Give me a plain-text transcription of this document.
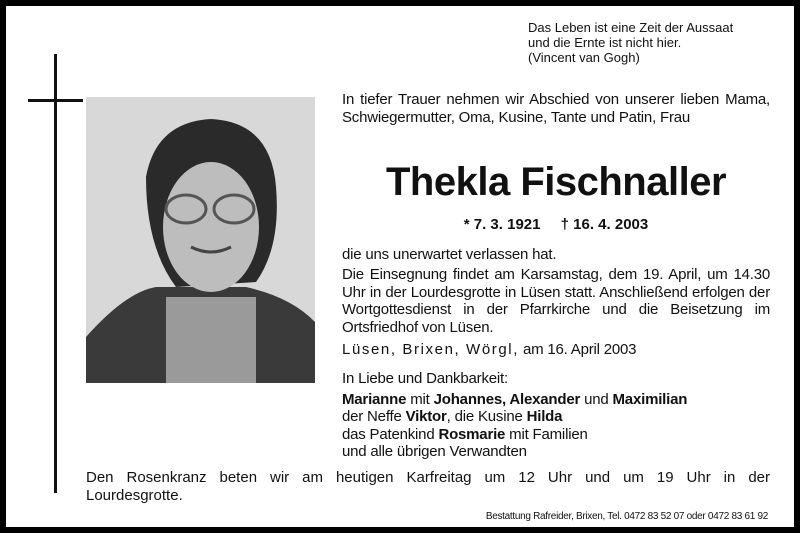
Das Leben ist eine Zeit der Aussaat
und die Ernte ist nicht hier.
(Vincent van Gogh)
In tiefer Trauer nehmen wir Abschied von unserer lieben Mama, Schwiegermutter, Oma, Kusine, Tante und Patin, Frau
Thekla Fischnaller
* 7. 3. 1921 † 16. 4. 2003
die uns unerwartet verlassen hat.
Die Einsegnung findet am Karsamstag, dem 19. April, um 14.30 Uhr in der Lourdesgrotte in Lüsen statt. Anschließend erfolgen der Wortgottesdienst in der Pfarrkirche und die Beisetzung im Ortsfriedhof von Lüsen.
Lüsen, Brixen, Wörgl, am 16. April 2003
In Liebe und Dankbarkeit:
Marianne mit Johannes, Alexander und Maximilian
der Neffe Viktor, die Kusine Hilda
das Patenkind Rosmarie mit Familien
und alle übrigen Verwandten
Den Rosenkranz beten wir am heutigen Karfreitag um 12 Uhr und um 19 Uhr in der Lourdesgrotte.
Bestattung Rafreider, Brixen, Tel. 0472 83 52 07 oder 0472 83 61 92
